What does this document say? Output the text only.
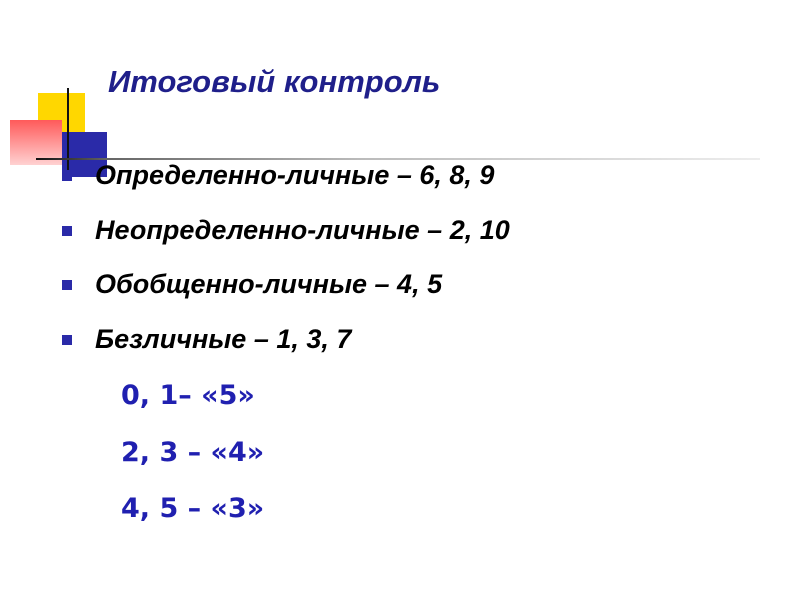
Итоговый контроль
Определенно-личные – 6, 8, 9
Неопределенно-личные – 2, 10
Обобщенно-личные – 4, 5
Безличные – 1, 3, 7

0, 1– «5»

2, 3 – «4»

4, 5 – «3»
